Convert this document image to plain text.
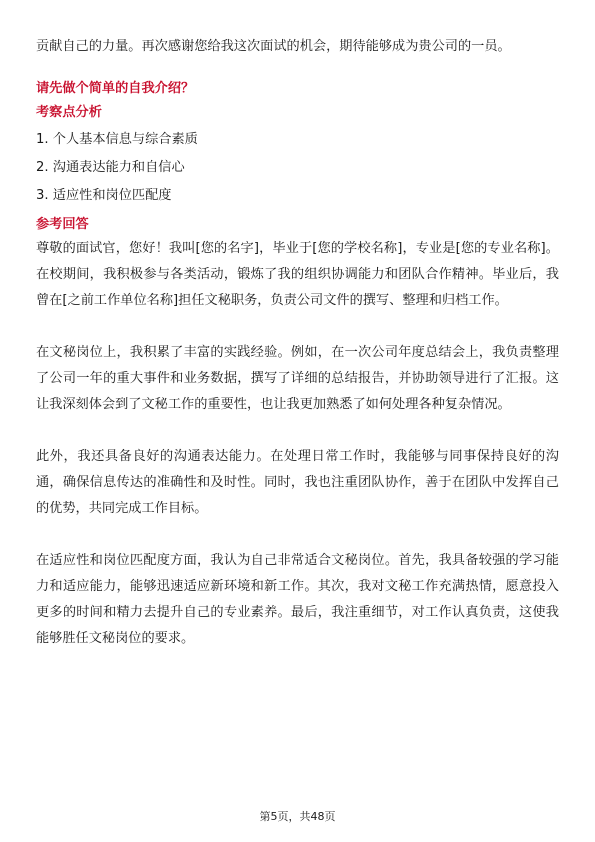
贡献自己的力量。再次感谢您给我这次面试的机会，期待能够成为贵公司的一员。

请先做个简单的自我介绍？
考察点分析
1. 个人基本信息与综合素质
2. 沟通表达能力和自信心
3. 适应性和岗位匹配度
参考回答

尊敬的面试官，您好！我叫[您的名字]，毕业于[您的学校名称]，专业是[您的专业名称]。在校期间，我积极参与各类活动，锻炼了我的组织协调能力和团队合作精神。毕业后，我曾在[之前工作单位名称]担任文秘职务，负责公司文件的撰写、整理和归档工作。

在文秘岗位上，我积累了丰富的实践经验。例如，在一次公司年度总结会上，我负责整理了公司一年的重大事件和业务数据，撰写了详细的总结报告，并协助领导进行了汇报。这让我深刻体会到了文秘工作的重要性，也让我更加熟悉了如何处理各种复杂情况。

此外，我还具备良好的沟通表达能力。在处理日常工作时，我能够与同事保持良好的沟通，确保信息传达的准确性和及时性。同时，我也注重团队协作，善于在团队中发挥自己的优势，共同完成工作目标。

在适应性和岗位匹配度方面，我认为自己非常适合文秘岗位。首先，我具备较强的学习能力和适应能力，能够迅速适应新环境和新工作。其次，我对文秘工作充满热情，愿意投入更多的时间和精力去提升自己的专业素养。最后，我注重细节，对工作认真负责，这使我能够胜任文秘岗位的要求。

第5页，共48页
